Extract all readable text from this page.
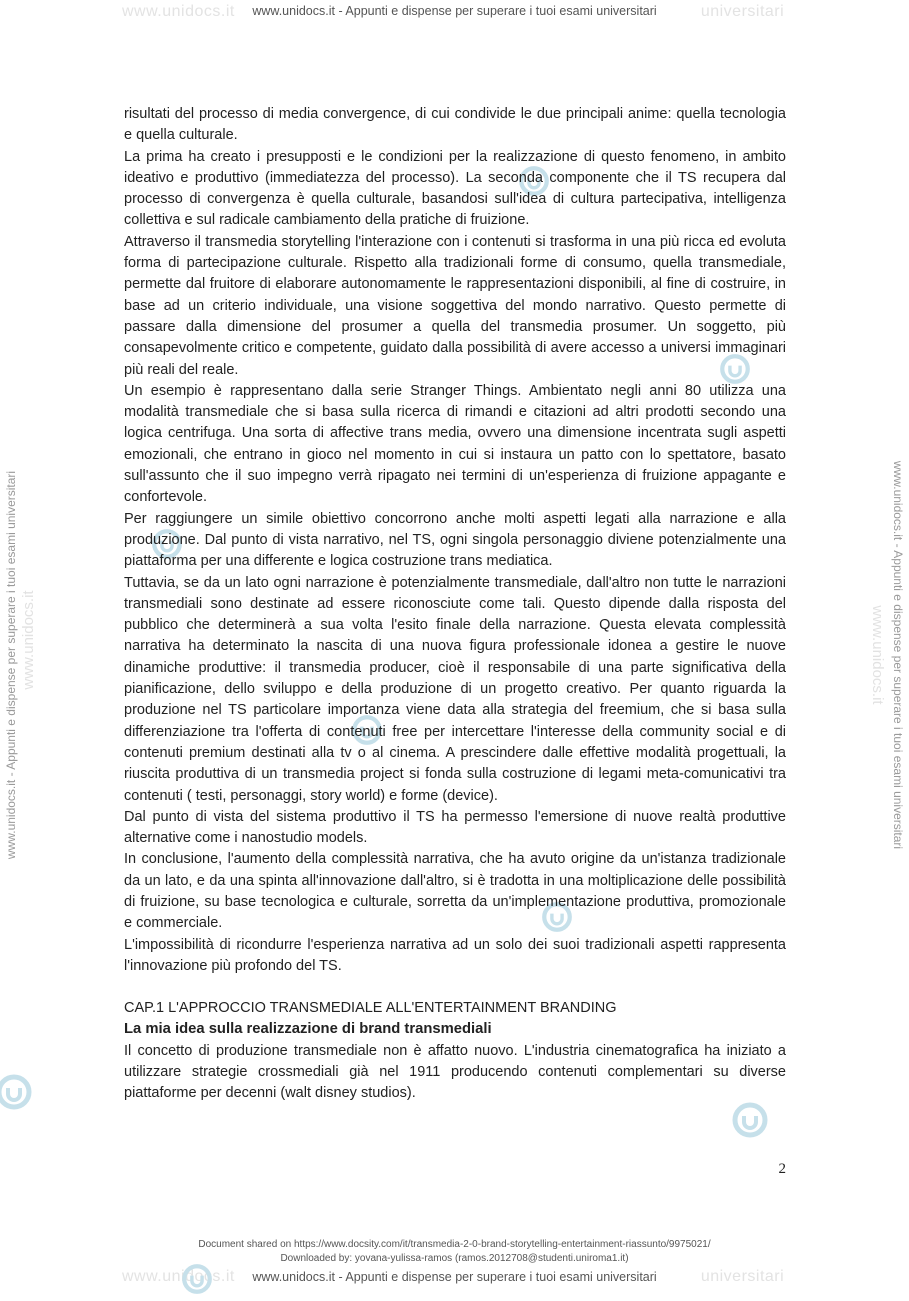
www.unidocs.it	universitari
www.unidocs.it - Appunti e dispense per superare i tuoi esami universitari
www.unidocs.it	universitari
www.unidocs.it - Appunti e dispense per superare i tuoi esami universitari
www.unidocs.it - Appunti e dispense per superare i tuoi esami universitari www.unidocs.it	www.unidocs.it - Appunti e dispense per superare i tuoi esami universitari
www.unidocs.it

risultati del processo di media convergence, di cui condivide le due principali anime: quella tecnologia e quella culturale.

La prima ha creato i presupposti e le condizioni per la realizzazione di questo fenomeno, in ambito ideativo e produttivo (immediatezza del processo). La seconda componente che il TS recupera dal processo di convergenza è quella culturale, basandosi sull'idea di cultura partecipativa, intelligenza collettiva e sul radicale cambiamento della pratiche di fruizione.

Attraverso il transmedia storytelling l'interazione con i contenuti si trasforma in una più ricca ed evoluta forma di partecipazione culturale. Rispetto alla tradizionali forme di consumo, quella transmediale, permette dal fruitore di elaborare autonomamente le rappresentazioni disponibili, al fine di costruire, in base ad un criterio individuale, una visione soggettiva del mondo narrativo. Questo permette di passare dalla dimensione del prosumer a quella del transmedia prosumer. Un soggetto, più consapevolmente critico e competente, guidato dalla possibilità di avere accesso a universi immaginari più reali del reale.

Un esempio è rappresentano dalla serie Stranger Things. Ambientato negli anni 80 utilizza una modalità transmediale che si basa sulla ricerca di rimandi e citazioni ad altri prodotti secondo una logica centrifuga. Una sorta di affective trans media, ovvero una dimensione incentrata sugli aspetti emozionali, che entrano in gioco nel momento in cui si instaura un patto con lo spettatore, basato sull'assunto che il suo impegno verrà ripagato nei termini di un'esperienza di fruizione appagante e confortevole.

Per raggiungere un simile obiettivo concorrono anche molti aspetti legati alla narrazione e alla produzione. Dal punto di vista narrativo, nel TS, ogni singola personaggio diviene potenzialmente una piattaforma per una differente e logica costruzione trans mediatica.

Tuttavia, se da un lato ogni narrazione è potenzialmente transmediale, dall'altro non tutte le narrazioni transmediali sono destinate ad essere riconosciute come tali. Questo dipende dalla risposta del pubblico che determinerà a sua volta l'esito finale della narrazione. Questa elevata complessità narrativa ha determinato la nascita di una nuova figura professionale idonea a gestire le nuove dinamiche produttive: il transmedia producer, cioè il responsabile di una parte significativa della pianificazione, dello sviluppo e della produzione di un progetto creativo. Per quanto riguarda la produzione nel TS particolare importanza viene data alla strategia del freemium, che si basa sulla differenziazione tra l'offerta di contenuti free per intercettare l'interesse della community social e di contenuti premium destinati alla tv o al cinema. A prescindere dalle effettive modalità progettuali, la riuscita produttiva di un transmedia project si fonda sulla costruzione di legami meta-comunicativi tra contenuti ( testi, personaggi, story world) e forme (device).

Dal punto di vista del sistema produttivo il TS ha permesso l'emersione di nuove realtà produttive alternative come i nanostudio models.

In conclusione, l'aumento della complessità narrativa, che ha avuto origine da un'istanza tradizionale da un lato, e da una spinta all'innovazione dall'altro, si è tradotta in una moltiplicazione delle possibilità di fruizione, su base tecnologica e culturale, sorretta da un'implementazione produttiva, promozionale e commerciale.

L'impossibilità di ricondurre l'esperienza narrativa ad un solo dei suoi tradizionali aspetti rappresenta l'innovazione più profondo del TS.

CAP.1 L'APPROCCIO TRANSMEDIALE ALL'ENTERTAINMENT BRANDING

La mia idea sulla realizzazione di brand transmediali

Il concetto di produzione transmediale non è affatto nuovo. L'industria cinematografica ha iniziato a utilizzare strategie crossmediali già nel 1911 producendo contenuti complementari su diverse piattaforme per decenni (walt disney studios).

2
Document shared on https://www.docsity.com/it/transmedia-2-0-brand-storytelling-entertainment-riassunto/9975021/
Downloaded by: yovana-yulissa-ramos (ramos.2012708@studenti.uniroma1.it)
